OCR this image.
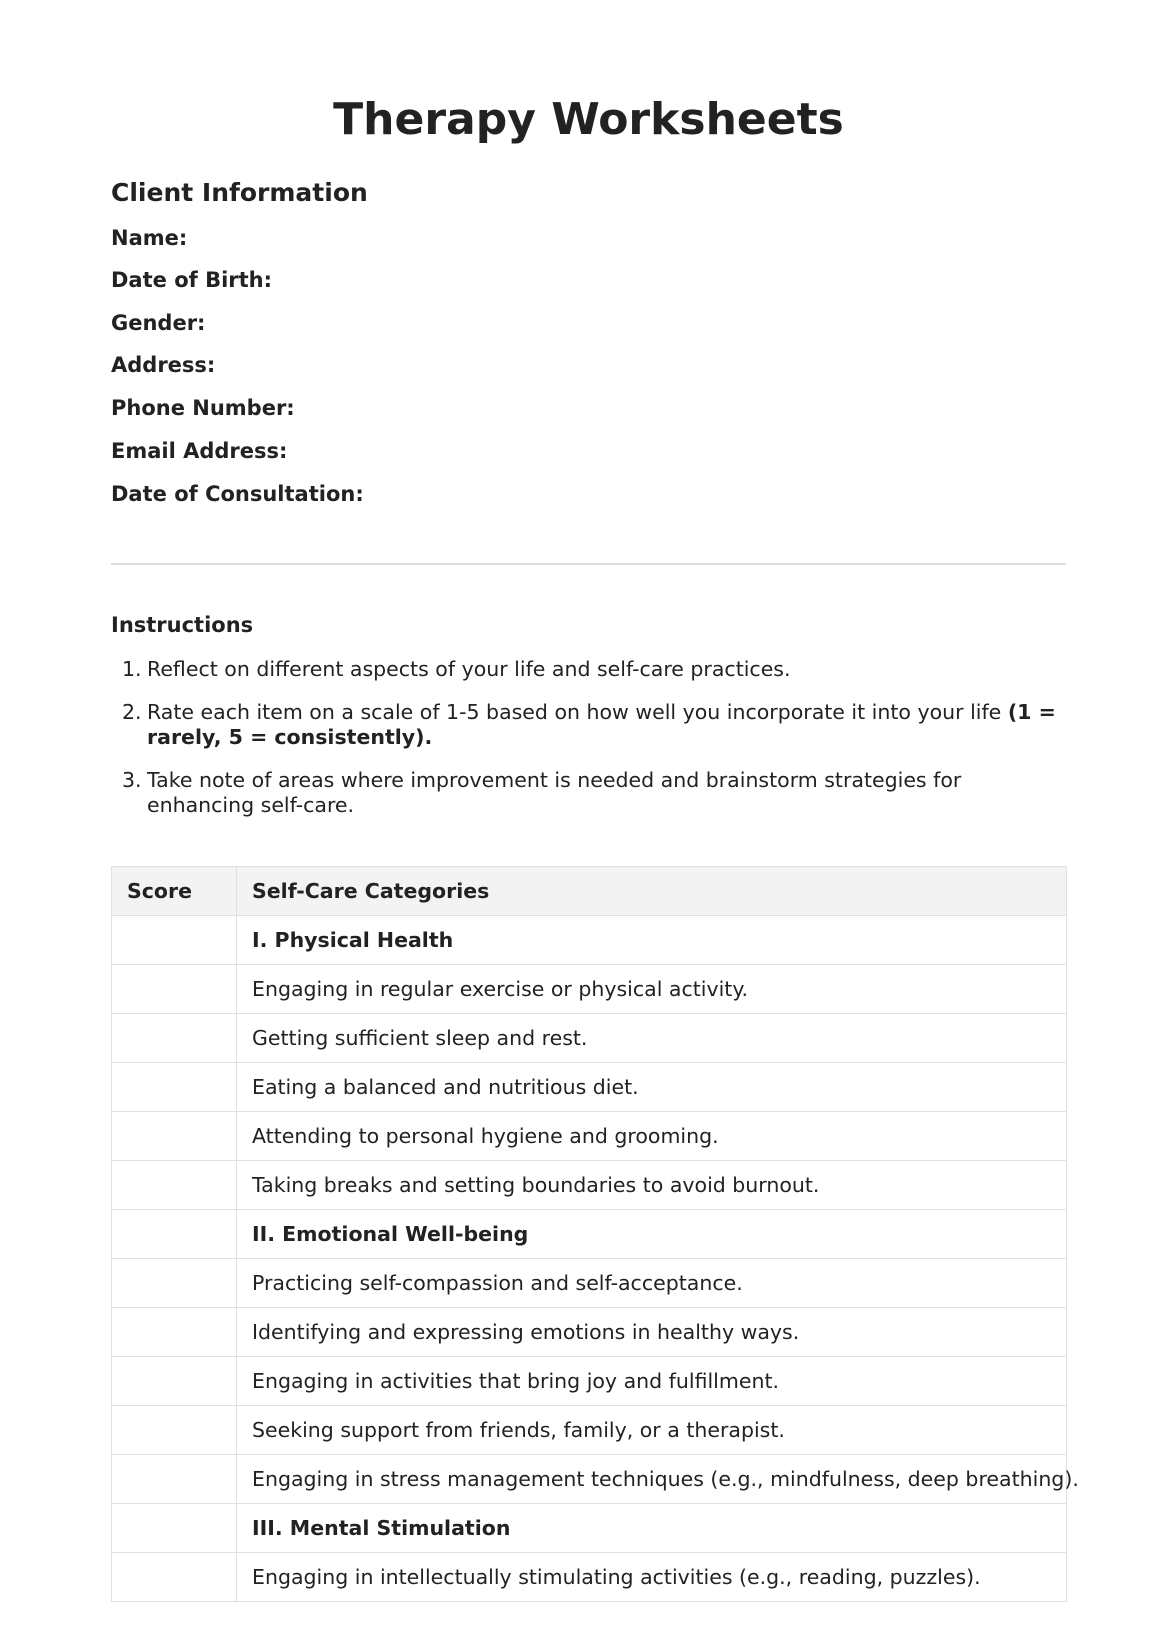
Therapy Worksheets
Client Information

Name:

Date of Birth:

Gender:

Address:

Phone Number:

Email Address:

Date of Consultation:

Instructions
1. Reflect on different aspects of your life and self-care practices.
2. Rate each item on a scale of 1-5 based on how well you incorporate it into your life (1 = rarely, 5 = consistently).
3. Take note of areas where improvement is needed and brainstorm strategies for enhancing self-care.
Score	Self-Care Categories
	I. Physical Health
	Engaging in regular exercise or physical activity.
	Getting sufficient sleep and rest.
	Eating a balanced and nutritious diet.
	Attending to personal hygiene and grooming.
	Taking breaks and setting boundaries to avoid burnout.
	II. Emotional Well-being
	Practicing self-compassion and self-acceptance.
	Identifying and expressing emotions in healthy ways.
	Engaging in activities that bring joy and fulfillment.
	Seeking support from friends, family, or a therapist.
	Engaging in stress management techniques (e.g., mindfulness, deep breathing).
	III. Mental Stimulation
	Engaging in intellectually stimulating activities (e.g., reading, puzzles).
